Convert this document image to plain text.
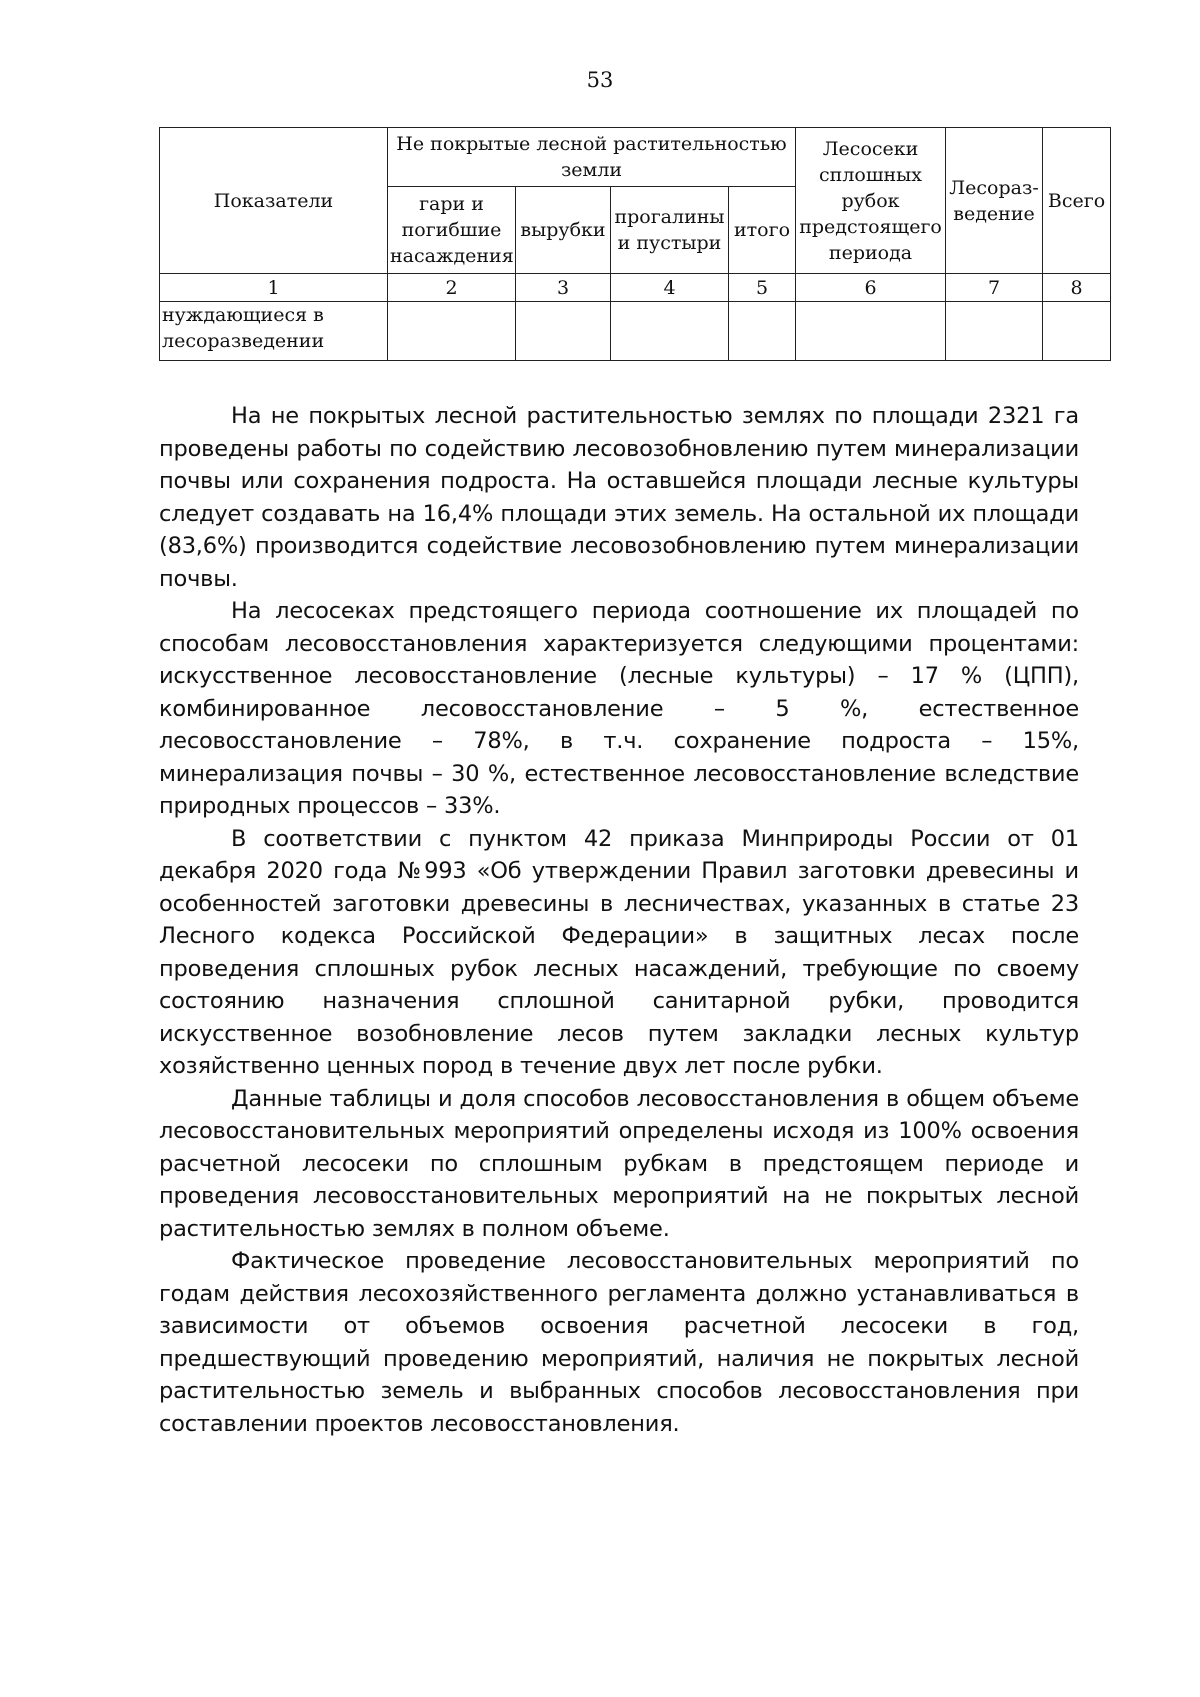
53
Показатели	Не покрытые лесной растительностью земли				Лесосеки сплошных рубок предстоящего периода	Лесораз-ведение	Всего
	гари и погибшие насаждения	вырубки	прогалины и пустыри	итого			
1	2	3	4	5	6	7	8
нуждающиеся в лесоразведении							

На не покрытых лесной растительностью землях по площади 2321 га проведены работы по содействию лесовозобновлению путем минерализации почвы или сохранения подроста. На оставшейся площади лесные культуры следует создавать на 16,4% площади этих земель. На остальной их площади (83,6%) производится содействие лесовозобновлению путем минерализации почвы.

На лесосеках предстоящего периода соотношение их площадей по способам лесовосстановления характеризуется следующими процентами: искусственное лесовосстановление (лесные культуры) – 17 % (ЦПП), комбинированное лесовосстановление – 5 %, естественное лесовосстановление – 78%, в т.ч. сохранение подроста – 15%, минерализация почвы – 30 %, естественное лесовосстановление вследствие природных процессов – 33%.

В соответствии с пунктом 42 приказа Минприроды России от 01 декабря 2020 года №993 «Об утверждении Правил заготовки древесины и особенностей заготовки древесины в лесничествах, указанных в статье 23 Лесного кодекса Российской Федерации» в защитных лесах после проведения сплошных рубок лесных насаждений, требующие по своему состоянию назначения сплошной санитарной рубки, проводится искусственное возобновление лесов путем закладки лесных культур хозяйственно ценных пород в течение двух лет после рубки.

Данные таблицы и доля способов лесовосстановления в общем объеме лесовосстановительных мероприятий определены исходя из 100% освоения расчетной лесосеки по сплошным рубкам в предстоящем периоде и проведения лесовосстановительных мероприятий на не покрытых лесной растительностью землях в полном объеме.

Фактическое проведение лесовосстановительных мероприятий по годам действия лесохозяйственного регламента должно устанавливаться в зависимости от объемов освоения расчетной лесосеки в год, предшествующий проведению мероприятий, наличия не покрытых лесной растительностью земель и выбранных способов лесовосстановления при составлении проектов лесовосстановления.
